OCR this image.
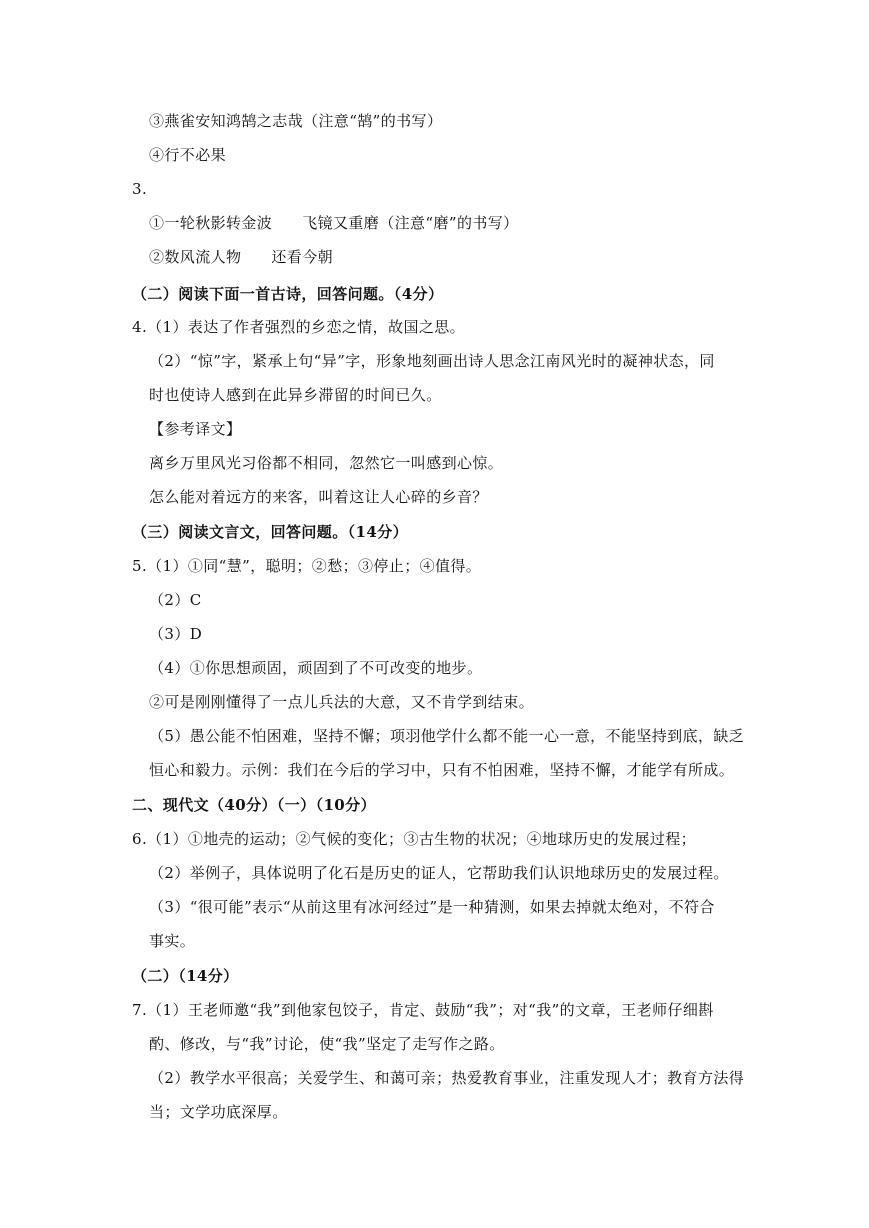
③燕雀安知鸿鹄之志哉（注意“鹄”的书写）
④行不必果
3.
①一轮秋影转金波 飞镜又重磨（注意“磨”的书写）
②数风流人物 还看今朝
（二）阅读下面一首古诗，回答问题。（4分）
4.（1）表达了作者强烈的乡恋之情，故国之思。
（2）“惊”字，紧承上句“异”字，形象地刻画出诗人思念江南风光时的凝神状态，同
时也使诗人感到在此异乡滞留的时间已久。
【参考译文】
离乡万里风光习俗都不相同，忽然它一叫感到心惊。
怎么能对着远方的来客，叫着这让人心碎的乡音？
（三）阅读文言文，回答问题。（14分）
5.（1）①同“慧”，聪明；②愁；③停止；④值得。
（2）C
（3）D
（4）①你思想顽固，顽固到了不可改变的地步。
②可是刚刚懂得了一点儿兵法的大意，又不肯学到结束。
（5）愚公能不怕困难，坚持不懈；项羽他学什么都不能一心一意，不能坚持到底，缺乏
恒心和毅力。示例：我们在今后的学习中，只有不怕困难，坚持不懈，才能学有所成。
二、现代文（40分）（一）（10分）
6.（1）①地壳的运动；②气候的变化；③古生物的状况；④地球历史的发展过程；
（2）举例子，具体说明了化石是历史的证人，它帮助我们认识地球历史的发展过程。
（3）“很可能”表示“从前这里有冰河经过”是一种猜测，如果去掉就太绝对，不符合
事实。
（二）（14分）
7.（1）王老师邀“我”到他家包饺子，肯定、鼓励“我”；对“我”的文章，王老师仔细斟
酌、修改，与“我”讨论，使“我”坚定了走写作之路。
（2）教学水平很高；关爱学生、和蔼可亲；热爱教育事业，注重发现人才；教育方法得
当；文学功底深厚。
